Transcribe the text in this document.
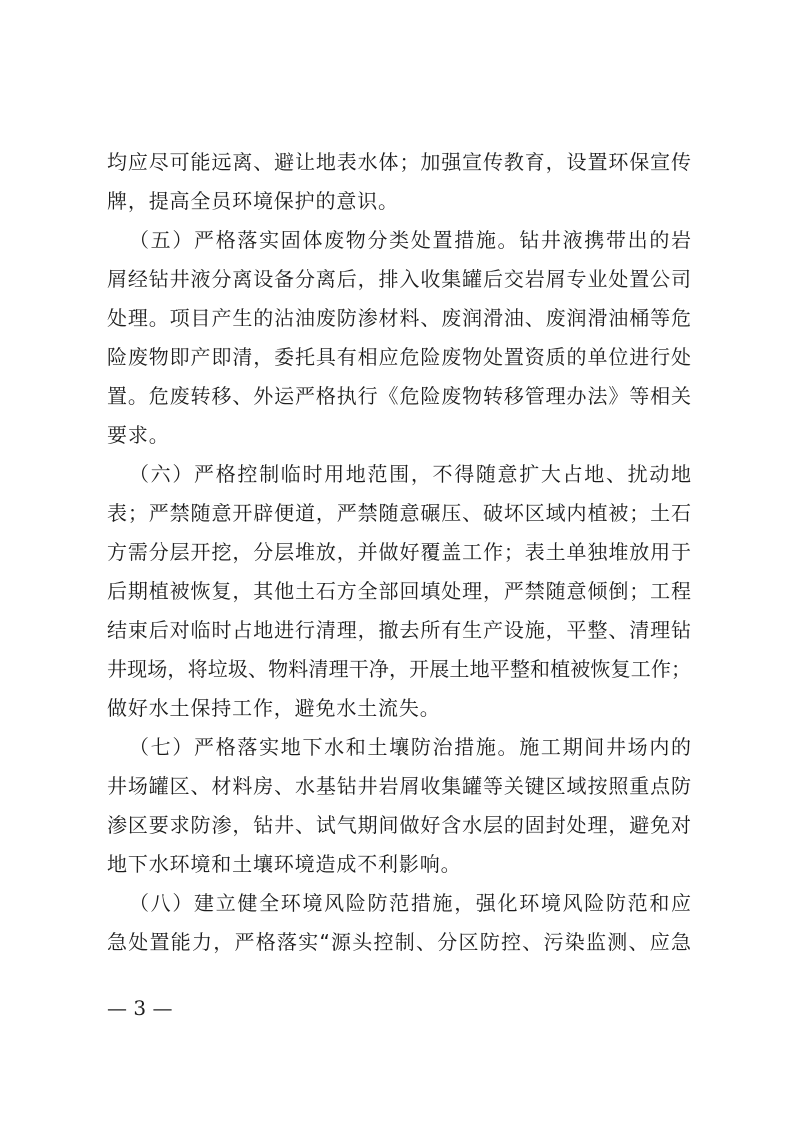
均应尽可能远离、避让地表水体；加强宣传教育，设置环保宣传
牌，提高全员环境保护的意识。
（五）严格落实固体废物分类处置措施。钻井液携带出的岩
屑经钻井液分离设备分离后，排入收集罐后交岩屑专业处置公司
处理。项目产生的沾油废防渗材料、废润滑油、废润滑油桶等危
险废物即产即清，委托具有相应危险废物处置资质的单位进行处
置。危废转移、外运严格执行《危险废物转移管理办法》等相关
要求。
（六）严格控制临时用地范围，不得随意扩大占地、扰动地
表；严禁随意开辟便道，严禁随意碾压、破坏区域内植被；土石
方需分层开挖，分层堆放，并做好覆盖工作；表土单独堆放用于
后期植被恢复，其他土石方全部回填处理，严禁随意倾倒；工程
结束后对临时占地进行清理，撤去所有生产设施，平整、清理钻
井现场，将垃圾、物料清理干净，开展土地平整和植被恢复工作；
做好水土保持工作，避免水土流失。
（七）严格落实地下水和土壤防治措施。施工期间井场内的
井场罐区、材料房、水基钻井岩屑收集罐等关键区域按照重点防
渗区要求防渗，钻井、试气期间做好含水层的固封处理，避免对
地下水环境和土壤环境造成不利影响。
（八）建立健全环境风险防范措施，强化环境风险防范和应
急处置能力，严格落实“源头控制、分区防控、污染监测、应急
— 3 —
